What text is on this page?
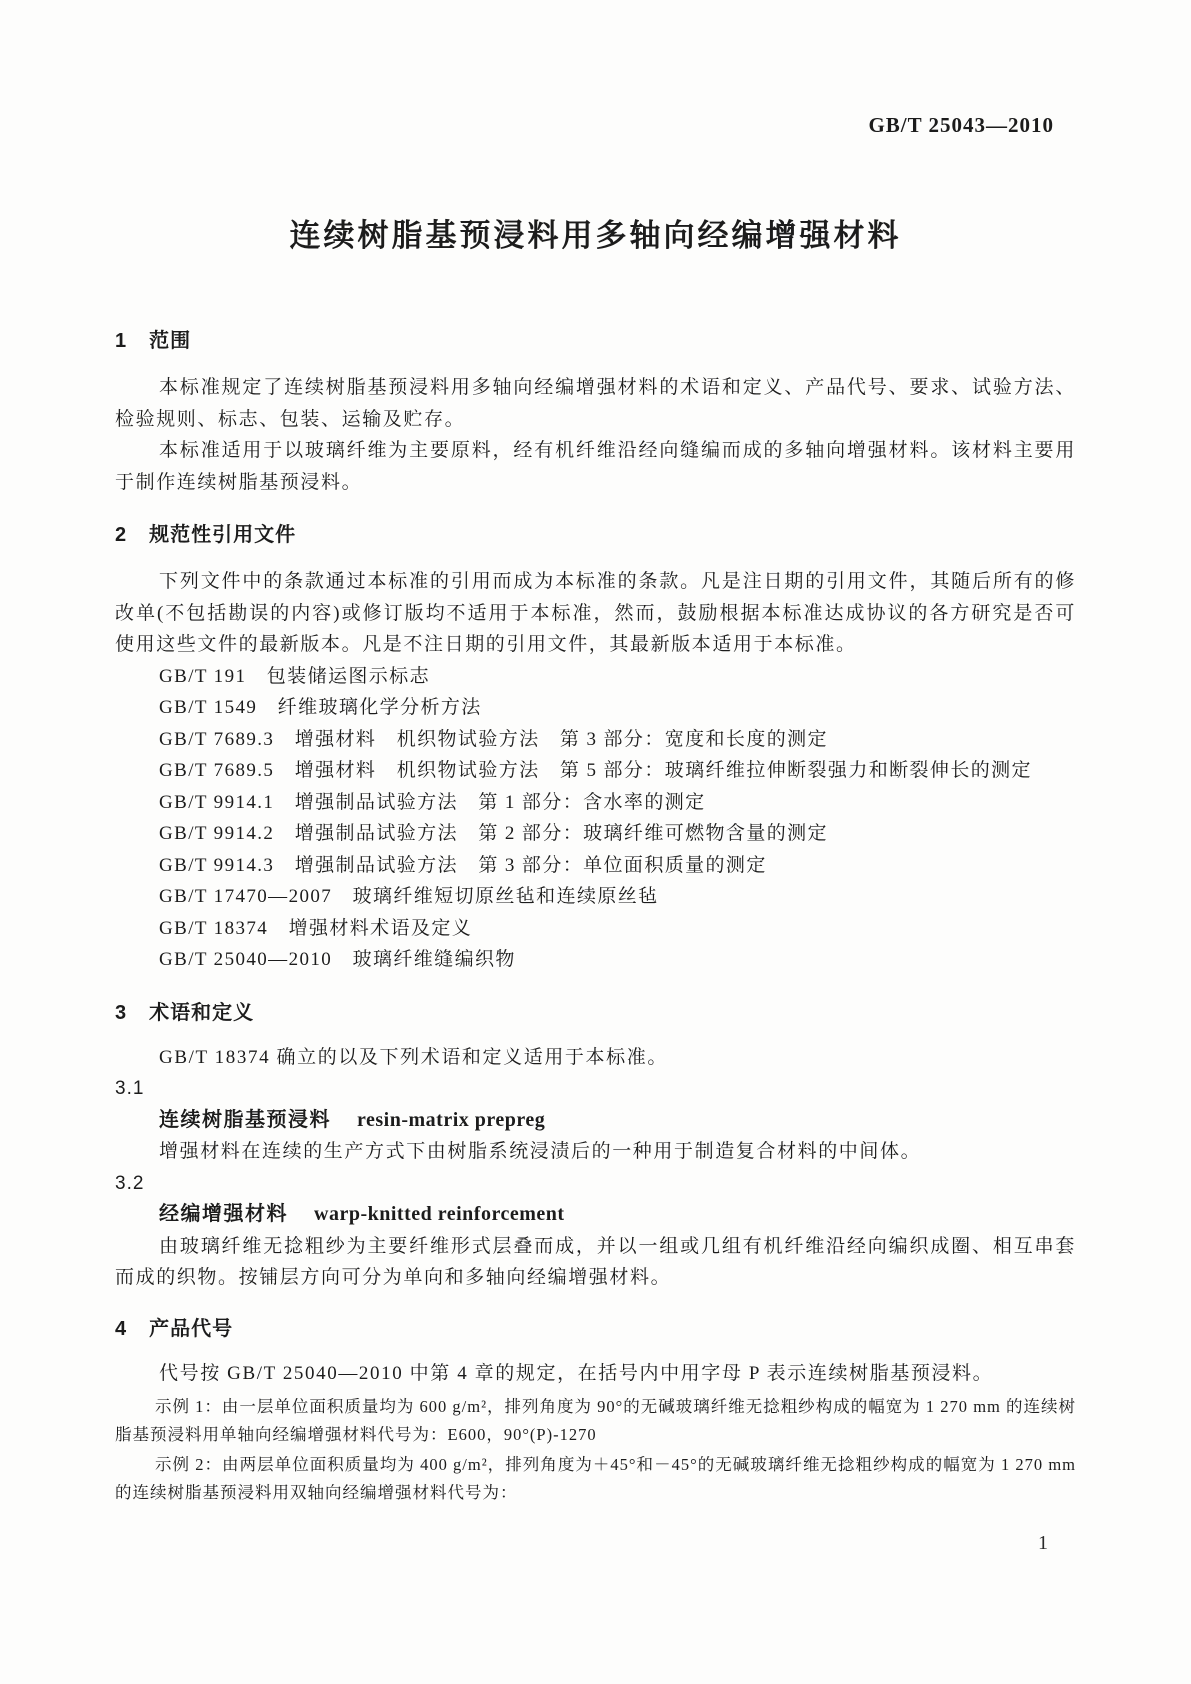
GB/T 25043—2010
连续树脂基预浸料用多轴向经编增强材料
1 范围

本标准规定了连续树脂基预浸料用多轴向经编增强材料的术语和定义、产品代号、要求、试验方法、检验规则、标志、包装、运输及贮存。

本标准适用于以玻璃纤维为主要原料，经有机纤维沿经向缝编而成的多轴向增强材料。该材料主要用于制作连续树脂基预浸料。

2 规范性引用文件

下列文件中的条款通过本标准的引用而成为本标准的条款。凡是注日期的引用文件，其随后所有的修改单(不包括勘误的内容)或修订版均不适用于本标准，然而，鼓励根据本标准达成协议的各方研究是否可使用这些文件的最新版本。凡是不注日期的引用文件，其最新版本适用于本标准。

GB/T 191　包装储运图示标志

GB/T 1549　纤维玻璃化学分析方法

GB/T 7689.3　增强材料　机织物试验方法　第 3 部分：宽度和长度的测定

GB/T 7689.5　增强材料　机织物试验方法　第 5 部分：玻璃纤维拉伸断裂强力和断裂伸长的测定

GB/T 9914.1　增强制品试验方法　第 1 部分：含水率的测定

GB/T 9914.2　增强制品试验方法　第 2 部分：玻璃纤维可燃物含量的测定

GB/T 9914.3　增强制品试验方法　第 3 部分：单位面积质量的测定

GB/T 17470—2007　玻璃纤维短切原丝毡和连续原丝毡

GB/T 18374　增强材料术语及定义

GB/T 25040—2010　玻璃纤维缝编织物

3 术语和定义

GB/T 18374 确立的以及下列术语和定义适用于本标准。

3.1

连续树脂基预浸料 resin-matrix prepreg

增强材料在连续的生产方式下由树脂系统浸渍后的一种用于制造复合材料的中间体。

3.2

经编增强材料 warp-knitted reinforcement

由玻璃纤维无捻粗纱为主要纤维形式层叠而成，并以一组或几组有机纤维沿经向编织成圈、相互串套而成的织物。按铺层方向可分为单向和多轴向经编增强材料。

4 产品代号

代号按 GB/T 25040—2010 中第 4 章的规定，在括号内中用字母 P 表示连续树脂基预浸料。

示例 1：由一层单位面积质量均为 600 g/m²，排列角度为 90°的无碱玻璃纤维无捻粗纱构成的幅宽为 1 270 mm 的连续树脂基预浸料用单轴向经编增强材料代号为：E600，90°(P)-1270

示例 2：由两层单位面积质量均为 400 g/m²，排列角度为＋45°和－45°的无碱玻璃纤维无捻粗纱构成的幅宽为 1 270 mm 的连续树脂基预浸料用双轴向经编增强材料代号为：

1
